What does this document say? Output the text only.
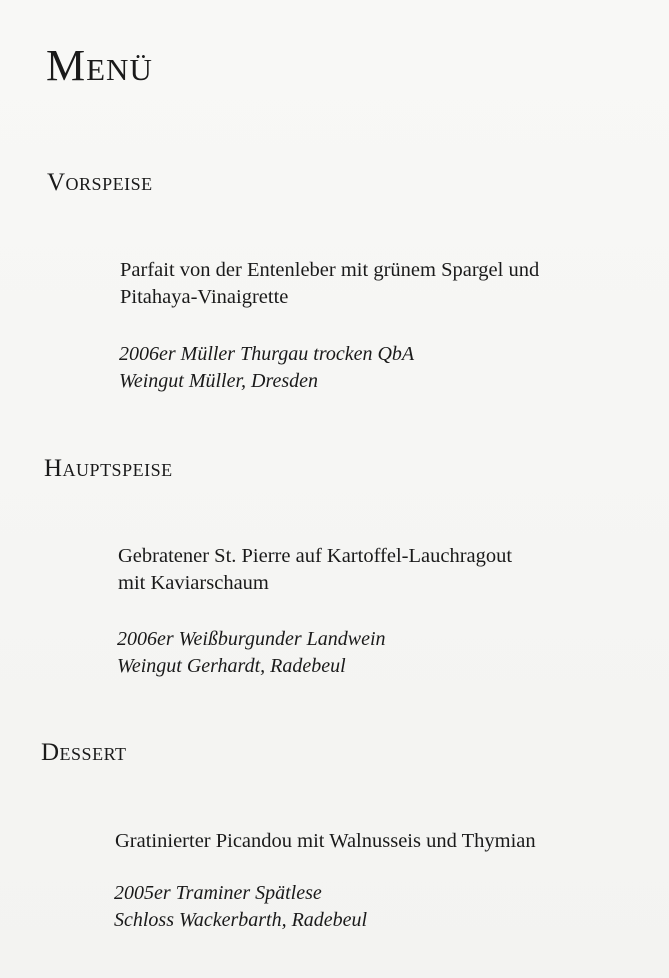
Menü
Vorspeise
Parfait von der Entenleber mit grünem Spargel und
Pitahaya-Vinaigrette
2006er Müller Thurgau trocken QbA
Weingut Müller, Dresden
Hauptspeise
Gebratener St. Pierre auf Kartoffel-Lauchragout
mit Kaviarschaum
2006er Weißburgunder Landwein
Weingut Gerhardt, Radebeul
Dessert
Gratinierter Picandou mit Walnusseis und Thymian
2005er Traminer Spätlese
Schloss Wackerbarth, Radebeul
